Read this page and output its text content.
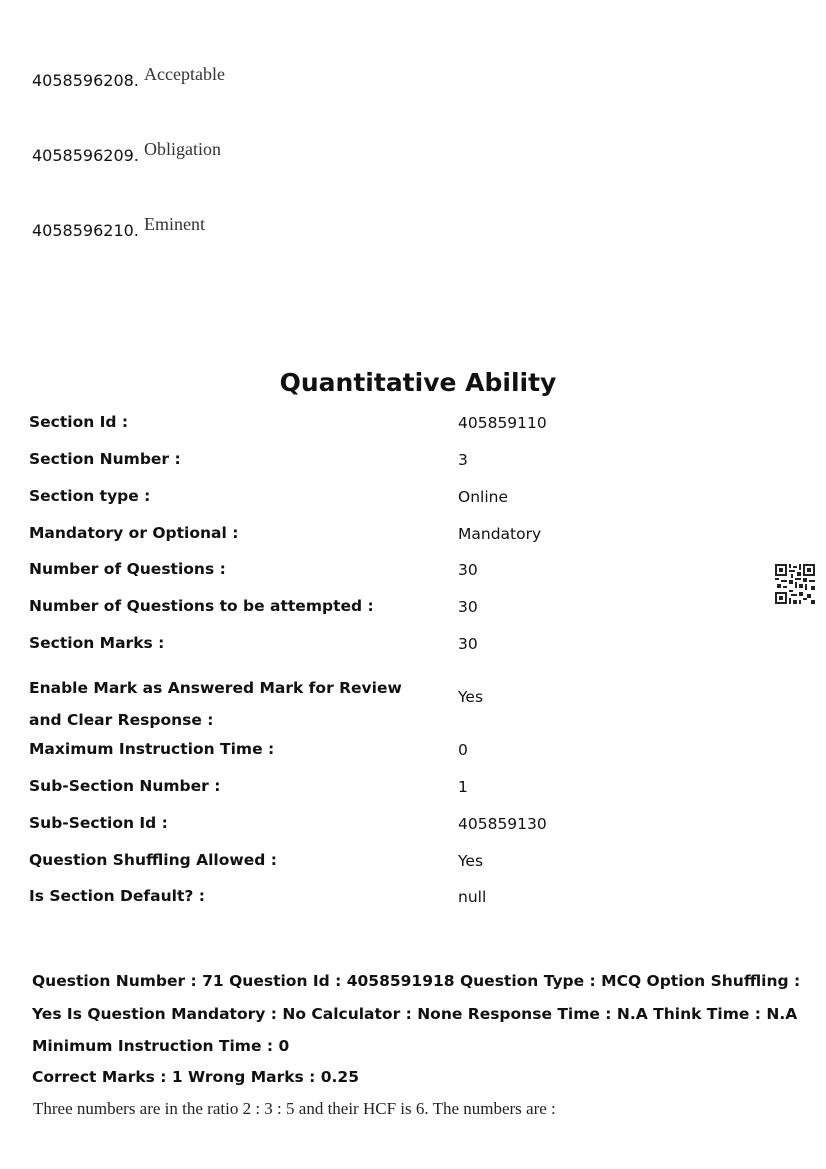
4058596208. Acceptable
4058596209. Obligation
4058596210. Eminent
Quantitative Ability
Section Id :	405859110
Section Number :	3
Section type :	Online
Mandatory or Optional :	Mandatory
Number of Questions :	30
Number of Questions to be attempted :	30
Section Marks :	30
Enable Mark as Answered Mark for Review and Clear Response :
Yes
Maximum Instruction Time :	0
Sub-Section Number :	1
Sub-Section Id :	405859130
Question Shuffling Allowed :	Yes
Is Section Default? :	null
Question Number : 71 Question Id : 4058591918 Question Type : MCQ Option Shuffling : Yes Is Question Mandatory : No Calculator : None Response Time : N.A Think Time : N.A Minimum Instruction Time : 0
Correct Marks : 1 Wrong Marks : 0.25
Three numbers are in the ratio 2 : 3 : 5 and their HCF is 6. The numbers are :
